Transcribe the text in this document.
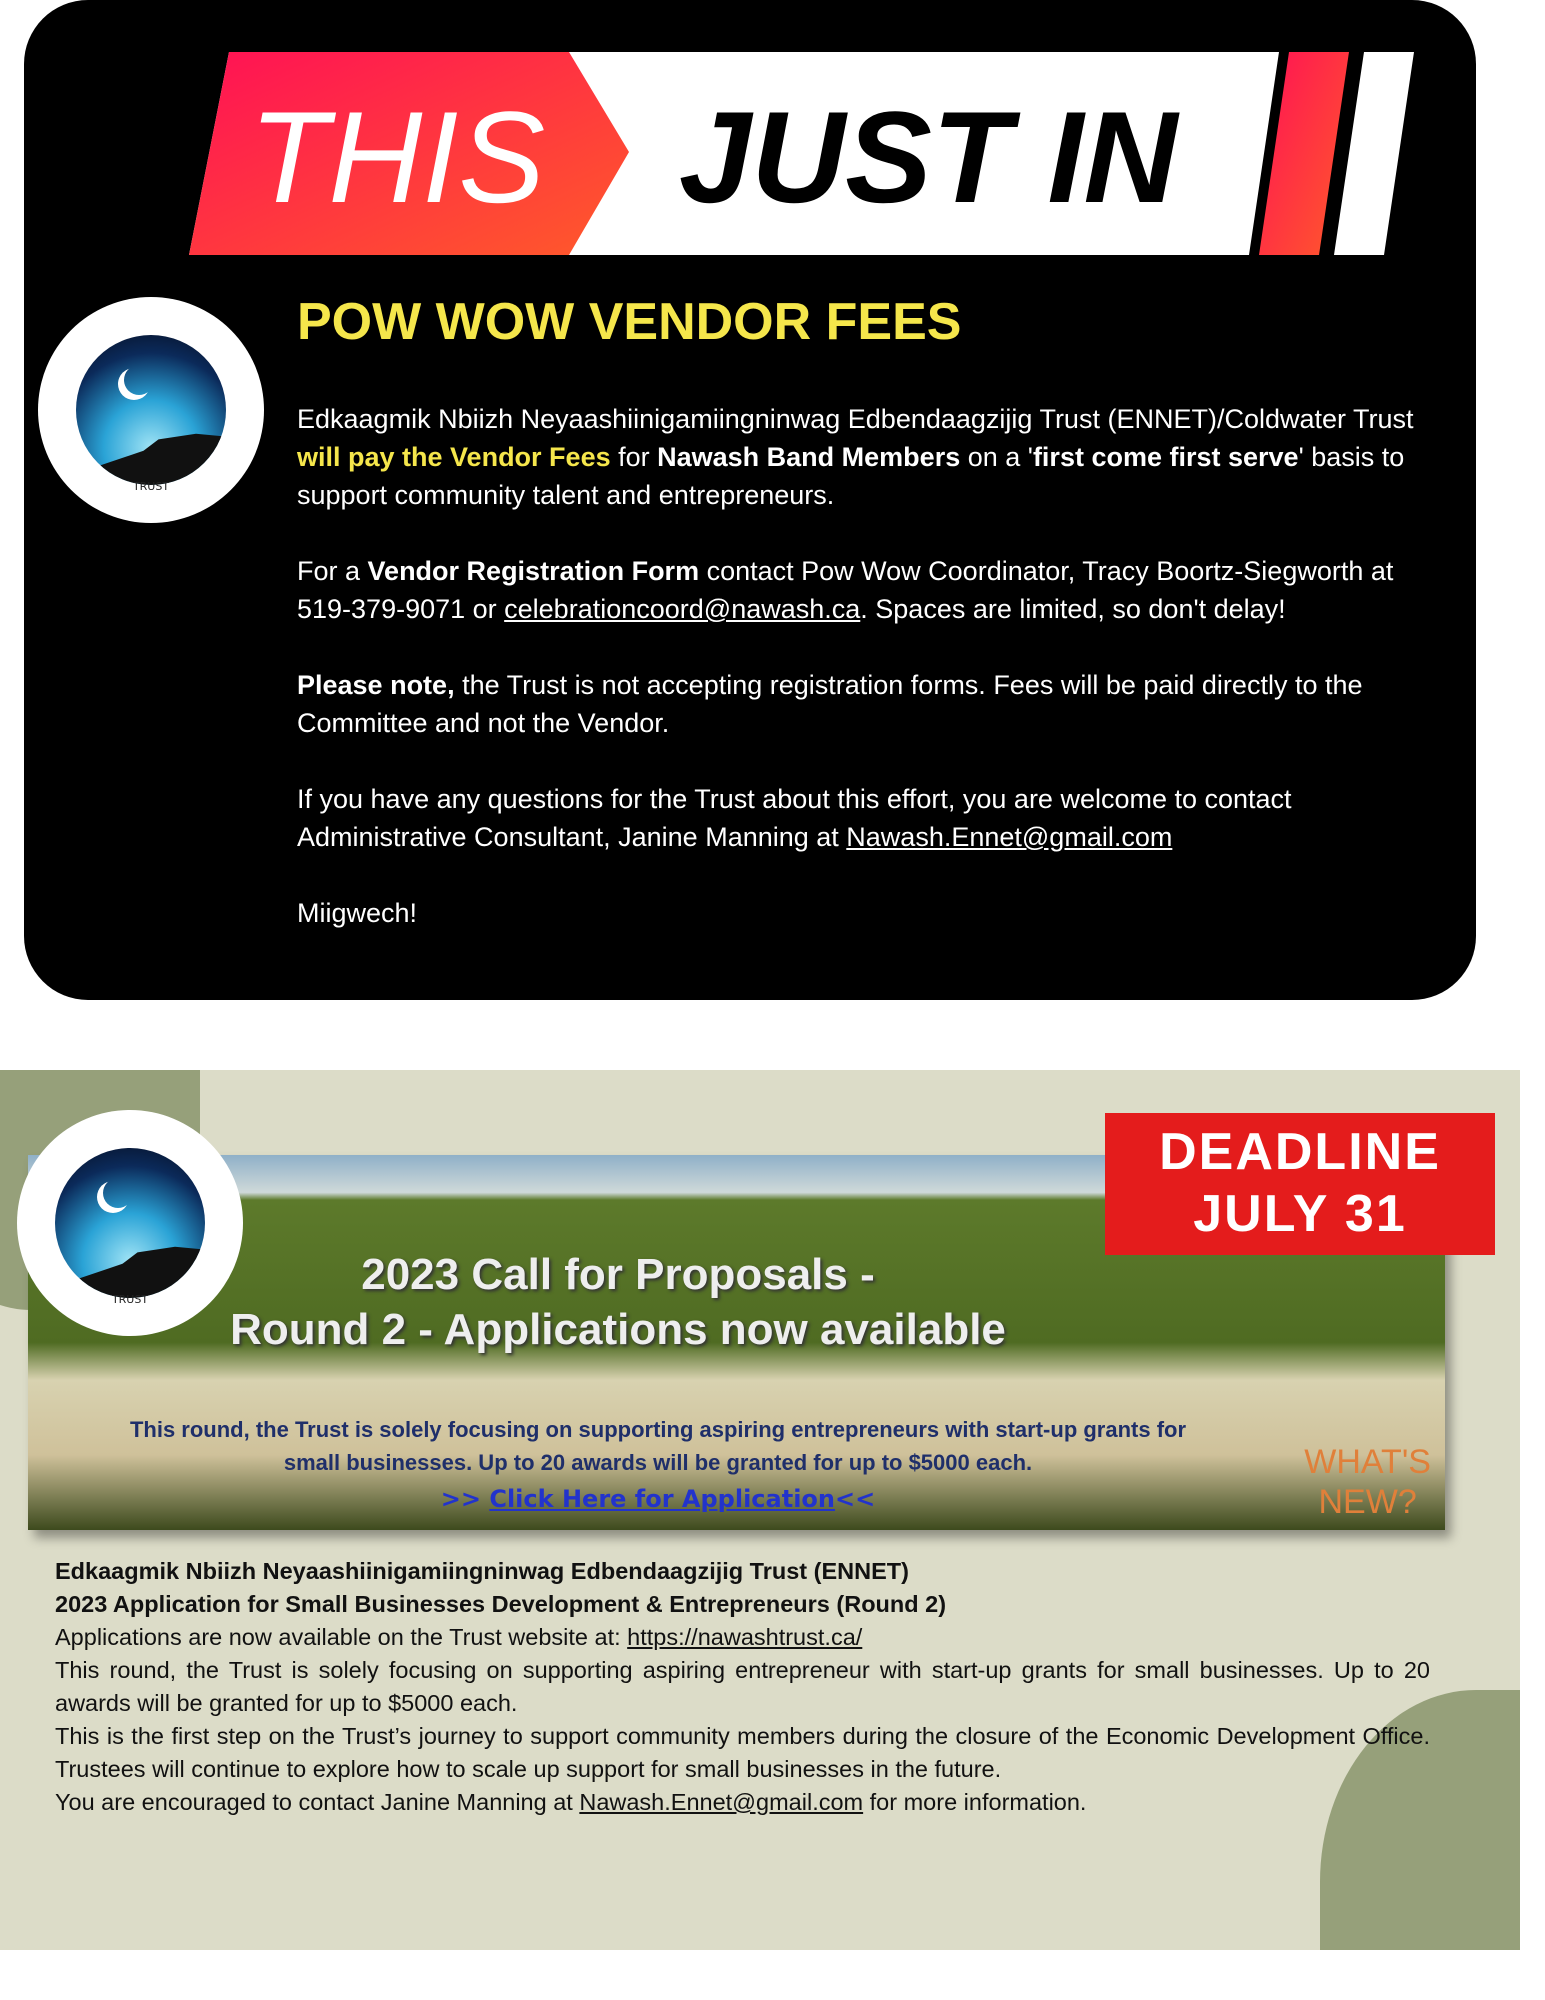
THIS JUST IN
TRUST
POW WOW VENDOR FEES

Edkaagmik Nbiizh Neyaashiinigamiingninwag Edbendaagzijig Trust (ENNET)/Coldwater Trust will pay the Vendor Fees for Nawash Band Members on a 'first come first serve' basis to support community talent and entrepreneurs.

For a Vendor Registration Form contact Pow Wow Coordinator, Tracy Boortz-Siegworth at 519-379-9071 or celebrationcoord@nawash.ca. Spaces are limited, so don't delay!

Please note, the Trust is not accepting registration forms. Fees will be paid directly to the Committee and not the Vendor.

If you have any questions for the Trust about this effort, you are welcome to contact Administrative Consultant, Janine Manning at Nawash.Ennet@gmail.com

Miigwech!

2023 Call for Proposals -
Round 2 - Applications now available
This round, the Trust is solely focusing on supporting aspiring entrepreneurs with start-up grants for small businesses. Up to 20 awards will be granted for up to $5000 each.
>> Click Here for Application<<
WHAT'S
NEW?
TRUST
DEADLINE
JULY 31
Edkaagmik Nbiizh Neyaashiinigamiingninwag Edbendaagzijig Trust (ENNET)
2023 Application for Small Businesses Development & Entrepreneurs (Round 2)
Applications are now available on the Trust website at: https://nawashtrust.ca/
This round, the Trust is solely focusing on supporting aspiring entrepreneur with start-up grants for small businesses. Up to 20 awards will be granted for up to $5000 each.
This is the first step on the Trust’s journey to support community members during the closure of the Economic Development Office. Trustees will continue to explore how to scale up support for small businesses in the future.
You are encouraged to contact Janine Manning at Nawash.Ennet@gmail.com for more information.
